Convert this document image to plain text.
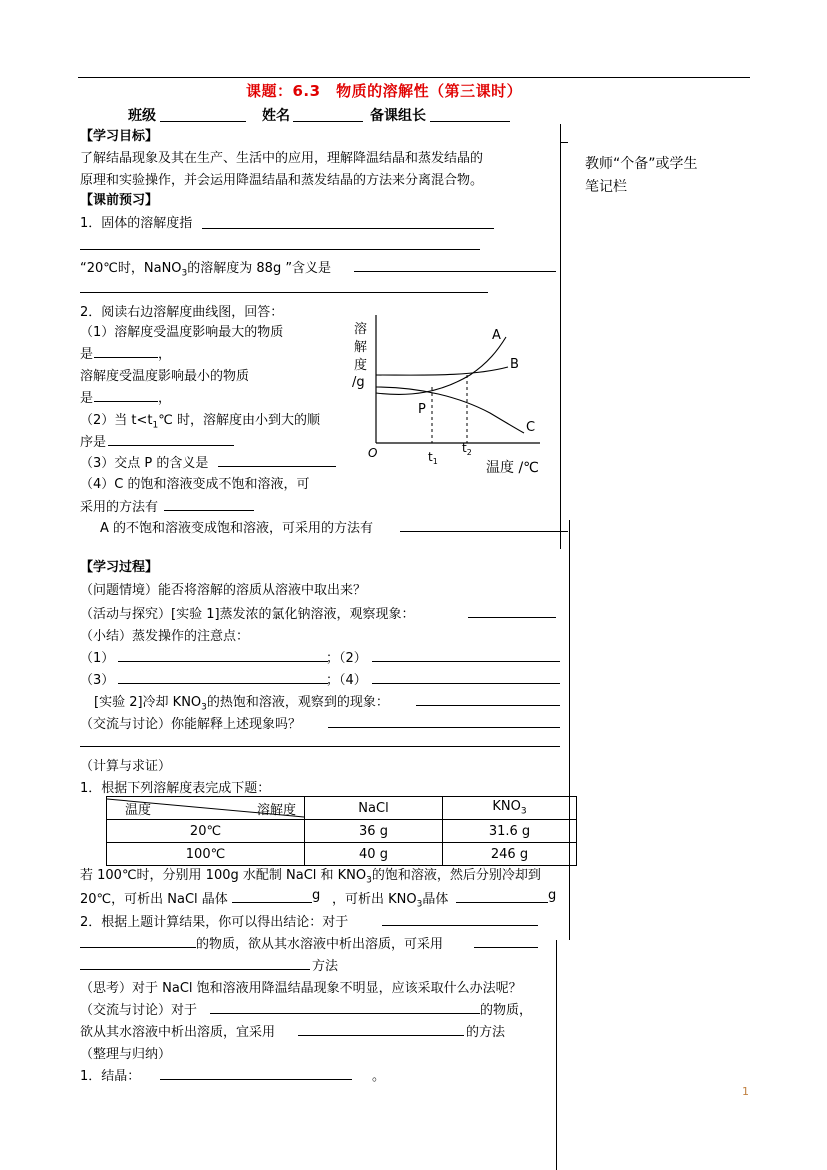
课题：6.3　物质的溶解性（第三课时）
班级	姓名	备课组长
教师“个备”或学生
笔记栏
【学习目标】
了解结晶现象及其在生产、生活中的应用，理解降温结晶和蒸发结晶的
原理和实验操作，并会运用降温结晶和蒸发结晶的方法来分离混合物。
【课前预习】
1．固体的溶解度指
“20℃时，NaNO$_3$的溶解度为 88g ”含义是
2．阅读右边溶解度曲线图，回答：
（1）溶解度受温度影响最大的物质
是	，
溶解度受温度影响最小的物质
是	，
（2）当 $t<t_1℃$ 时，溶解度由小到大的顺
序是
（3）交点 P 的含义是
（4）C 的饱和溶液变成不饱和溶液，可
采用的方法有
A 的不饱和溶液变成饱和溶液，可采用的方法有
溶
解
度
/g
O
A
B
C
P
$t_1$
$t_2$
温度 /℃
【学习过程】
（问题情境）能否将溶解的溶质从溶液中取出来？
（活动与探究）[实验 1]蒸发浓的氯化钠溶液，观察现象：
（小结）蒸发操作的注意点：
（1）	；（2）
（3）	；（4）
[实验 2]冷却 $KNO_3$的热饱和溶液，观察到的现象：
（交流与讨论）你能解释上述现象吗？
（计算与求证）
1．根据下列溶解度表完成下题：
温度 溶解度	NaCl	$KNO_3$
20℃	36 g	31.6 g
100℃	40 g	246 g
若 100℃时，分别用 100g 水配制 NaCl 和 $KNO_3$的饱和溶液，然后分别冷却到
20℃，可析出 NaCl 晶体	g ，可析出 $KNO_3$晶体	g
2．根据上题计算结果，你可以得出结论：对于
的物质，欲从其水溶液中析出溶质，可采用
方法
（思考）对于 NaCl 饱和溶液用降温结晶现象不明显，应该采取什么办法呢？
（交流与讨论）对于	的物质，
欲从其水溶液中析出溶质，宜采用	的方法
（整理与归纳）
1．结晶：	。
1
